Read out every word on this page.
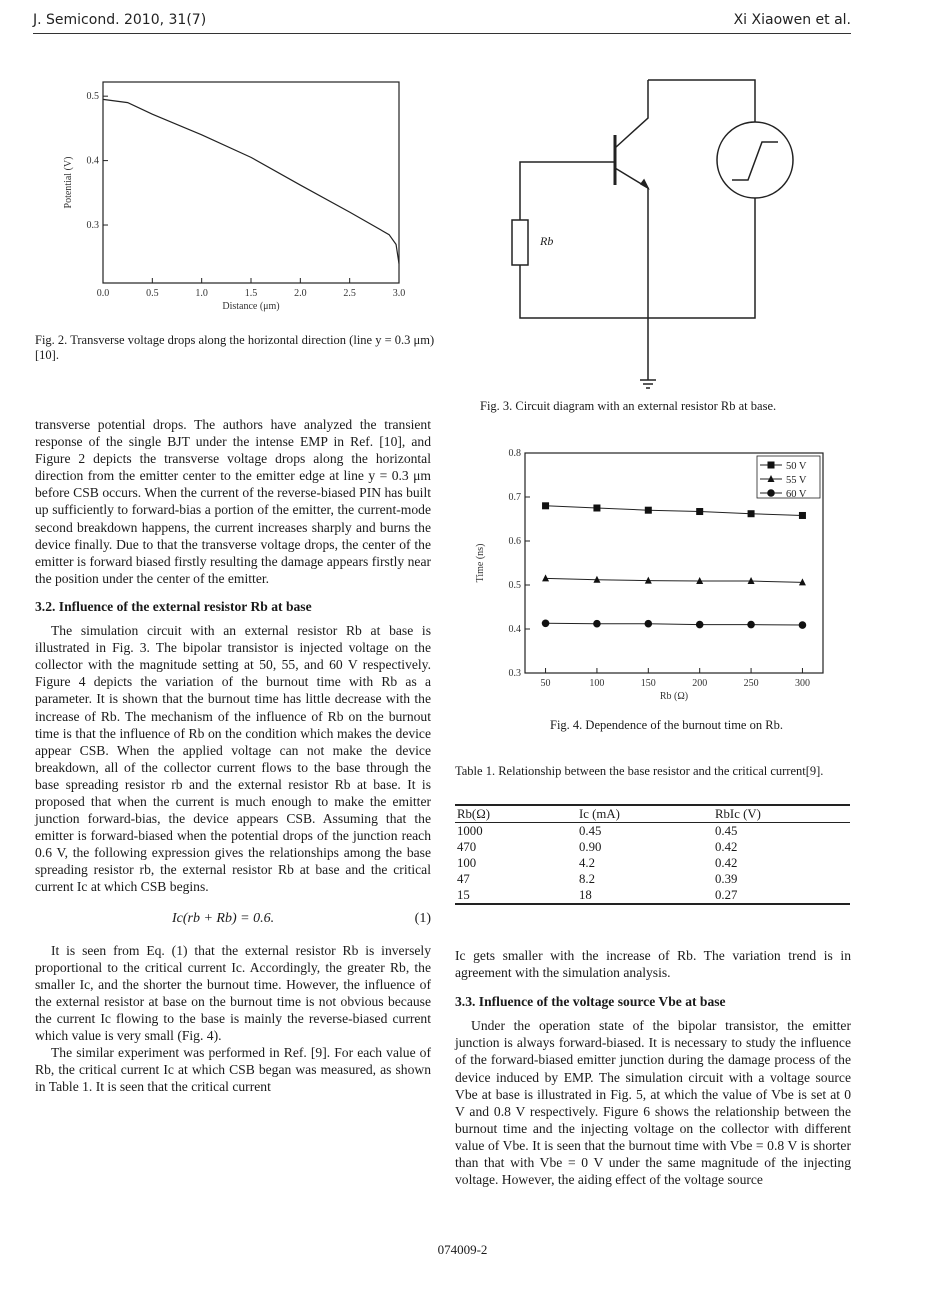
J. Semicond. 2010, 31(7)	Xi Xiaowen et al.
0.0	0.5	1.0	1.5	2.0	2.5	3.0
0.3
0.4
0.5
Distance (μm)
Potential (V)
Fig. 2. Transverse voltage drops along the horizontal direction (line y = 0.3 μm)[10].
Rb
Fig. 3. Circuit diagram with an external resistor Rb at base.
50	100	150	200	250	300
0.3
0.4
0.5
0.6
0.7
0.8
Rb (Ω)
Time (ns)
50 V
55 V
60 V
Fig. 4. Dependence of the burnout time on Rb.
Table 1. Relationship between the base resistor and the critical current[9].
Rb(Ω)	Ic (mA)	RbIc (V)
1000	0.45	0.45
470	0.90	0.42
100	4.2	0.42
47	8.2	0.39
15	18	0.27

transverse potential drops. The authors have analyzed the transient response of the single BJT under the intense EMP in Ref. [10], and Figure 2 depicts the transverse voltage drops along the horizontal direction from the emitter center to the emitter edge at line y = 0.3 μm before CSB occurs. When the current of the reverse-biased PIN has built up sufficiently to forward-bias a portion of the emitter, the current-mode second breakdown happens, the current increases sharply and burns the device finally. Due to that the transverse voltage drops, the center of the emitter is forward biased firstly resulting the damage appears firstly near the position under the center of the emitter.

3.2. Influence of the external resistor Rb at base

The simulation circuit with an external resistor Rb at base is illustrated in Fig. 3. The bipolar transistor is injected voltage on the collector with the magnitude setting at 50, 55, and 60 V respectively. Figure 4 depicts the variation of the burnout time with Rb as a parameter. It is shown that the burnout time has little decrease with the increase of Rb. The mechanism of the influence of Rb on the burnout time is that the influence of Rb on the condition which makes the device appear CSB. When the applied voltage can not make the device breakdown, all of the collector current flows to the base through the base spreading resistor rb and the external resistor Rb at base. It is proposed that when the current is much enough to make the emitter junction forward-bias, the device appears CSB. Assuming that the emitter is forward-biased when the potential drops of the junction reach 0.6 V, the following expression gives the relationships among the base spreading resistor rb, the external resistor Rb at base and the critical current Ic at which CSB begins.

Ic(rb + Rb) = 0.6.	(1)

It is seen from Eq. (1) that the external resistor Rb is inversely proportional to the critical current Ic. Accordingly, the greater Rb, the smaller Ic, and the shorter the burnout time. However, the influence of the external resistor at base on the burnout time is not obvious because the current Ic flowing to the base is mainly the reverse-biased current which value is very small (Fig. 4).

The similar experiment was performed in Ref. [9]. For each value of Rb, the critical current Ic at which CSB began was measured, as shown in Table 1. It is seen that the critical current

Ic gets smaller with the increase of Rb. The variation trend is in agreement with the simulation analysis.

3.3. Influence of the voltage source Vbe at base

Under the operation state of the bipolar transistor, the emitter junction is always forward-biased. It is necessary to study the influence of the forward-biased emitter junction during the damage process of the device induced by EMP. The simulation circuit with a voltage source Vbe at base is illustrated in Fig. 5, at which the value of Vbe is set at 0 V and 0.8 V respectively. Figure 6 shows the relationship between the burnout time and the injecting voltage on the collector with different value of Vbe. It is seen that the burnout time with Vbe = 0.8 V is shorter than that with Vbe = 0 V under the same magnitude of the injecting voltage. However, the aiding effect of the voltage source

074009-2
